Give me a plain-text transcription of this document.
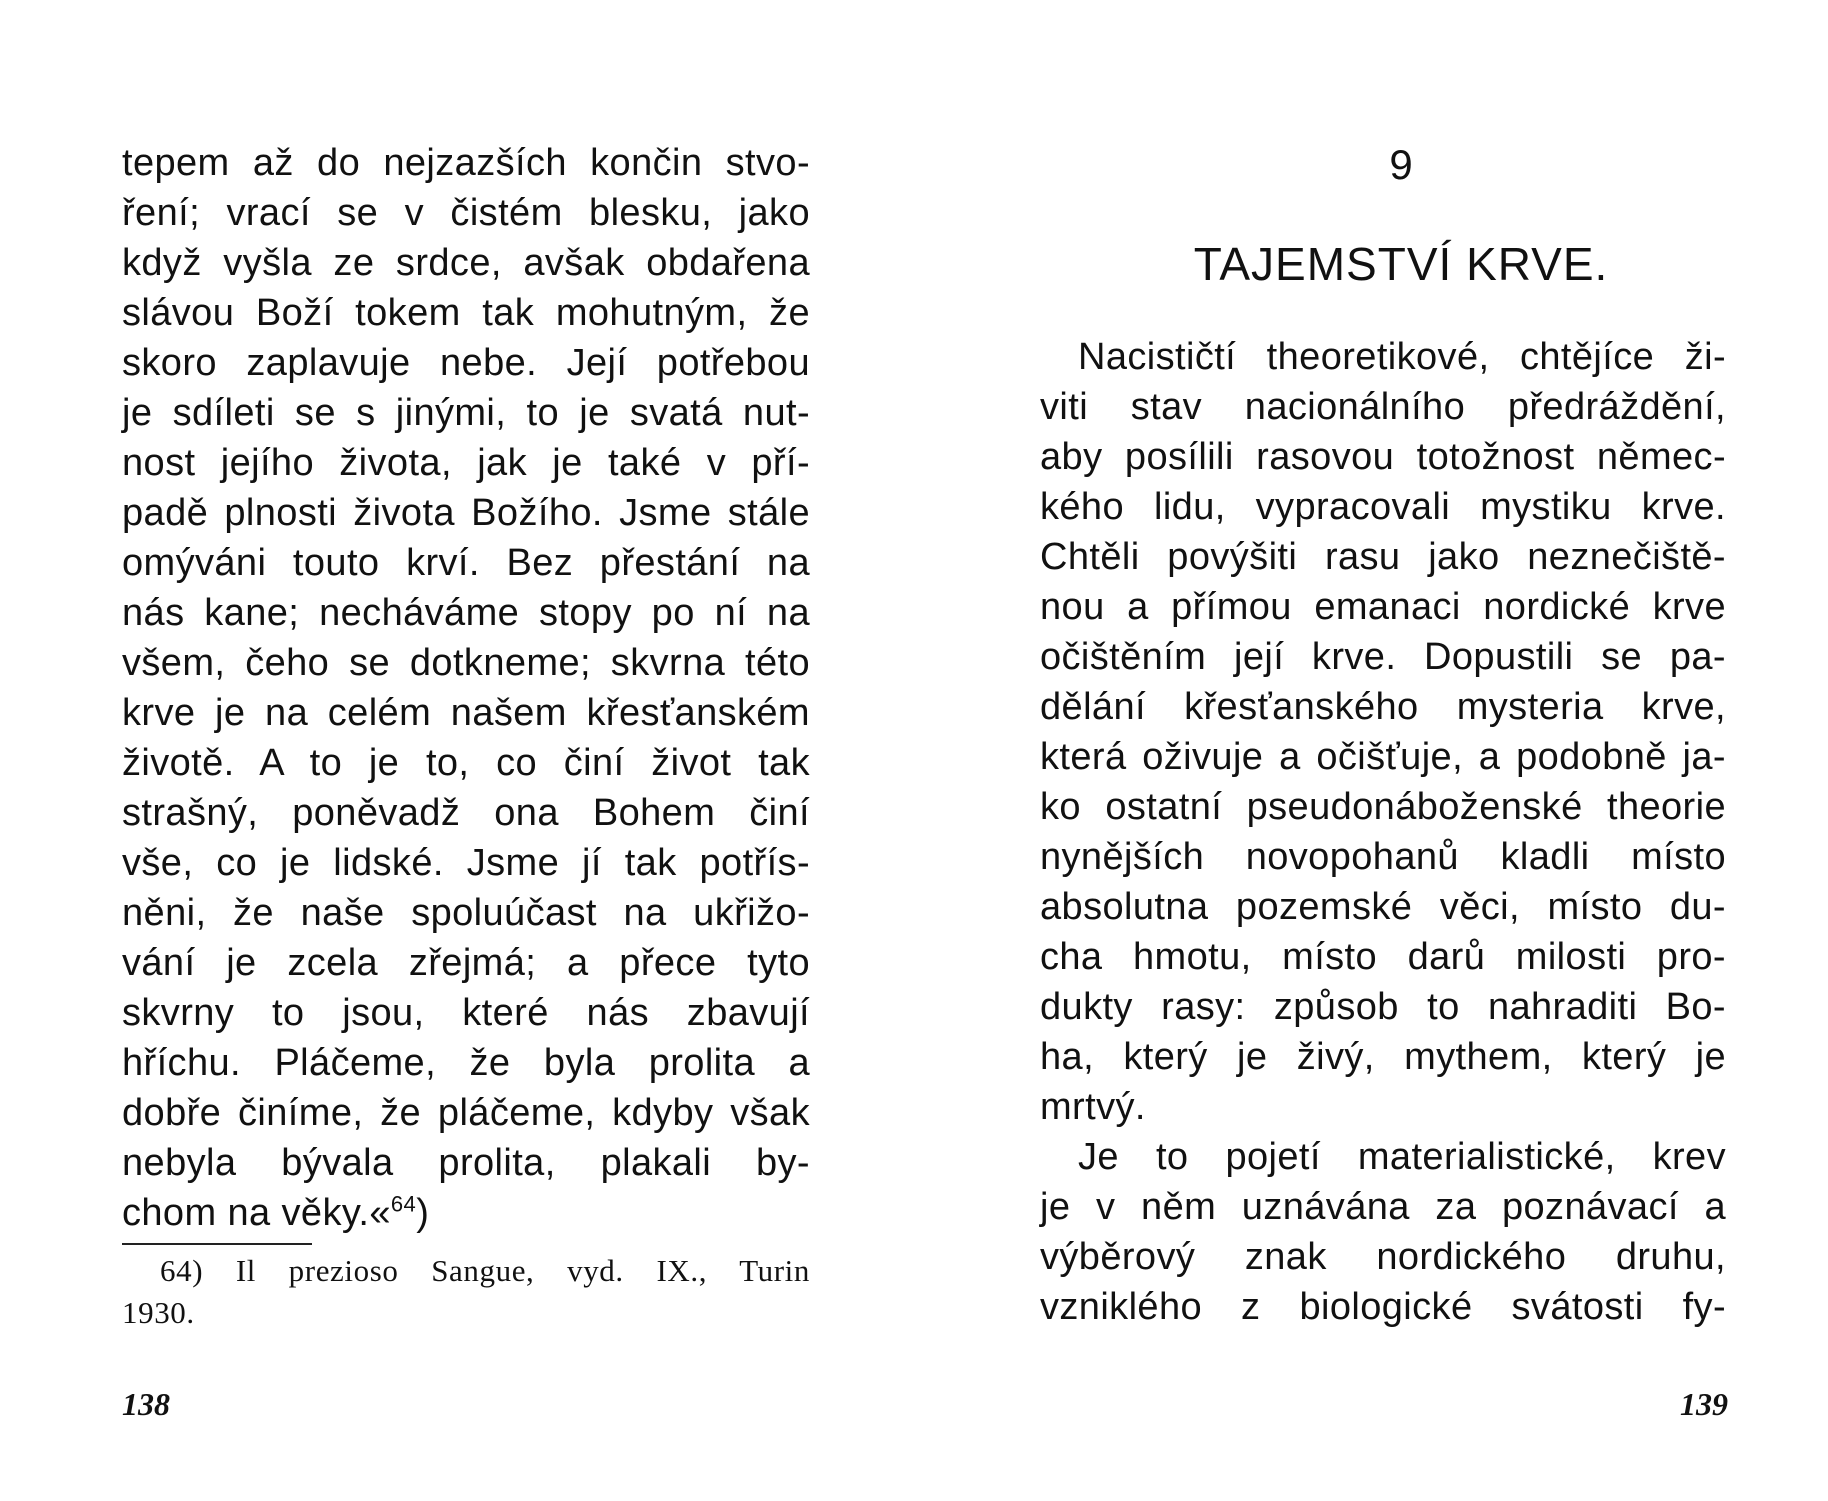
tepem až do nejzazších končin stvo-
ření; vrací se v čistém blesku, jako
když vyšla ze srdce, avšak obdařena
slávou Boží tokem tak mohutným, že
skoro zaplavuje nebe. Její potřebou
je sdíleti se s jinými, to je svatá nut-
nost jejího života, jak je také v pří-
padě plnosti života Božího. Jsme stále
omýváni touto krví. Bez přestání na
nás kane; necháváme stopy po ní na
všem, čeho se dotkneme; skvrna této
krve je na celém našem křesťanském
životě. A to je to, co činí život tak
strašný, poněvadž ona Bohem činí
vše, co je lidské. Jsme jí tak potřís-
něni, že naše spoluúčast na ukřižo-
vání je zcela zřejmá; a přece tyto
skvrny to jsou, které nás zbavují
hříchu. Pláčeme, že byla prolita a
dobře činíme, že pláčeme, kdyby však
nebyla bývala prolita, plakali by-
chom na věky.«$^{64}$)
64) Il prezioso Sangue, vyd. IX., Turin
1930.
138
9
TAJEMSTVÍ KRVE.
Nacističtí theoretikové, chtějíce ži-
viti stav nacionálního předráždění,
aby posílili rasovou totožnost němec-
kého lidu, vypracovali mystiku krve.
Chtěli povýšiti rasu jako neznečiště-
nou a přímou emanaci nordické krve
očištěním její krve. Dopustili se pa-
dělání křesťanského mysteria krve,
která oživuje a očišťuje, a podobně ja-
ko ostatní pseudonáboženské theorie
nynějších novopohanů kladli místo
absolutna pozemské věci, místo du-
cha hmotu, místo darů milosti pro-
dukty rasy: způsob to nahraditi Bo-
ha, který je živý, mythem, který je
mrtvý.
Je to pojetí materialistické, krev
je v něm uznávána za poznávací a
výběrový znak nordického druhu,
vzniklého z biologické svátosti fy-
139
